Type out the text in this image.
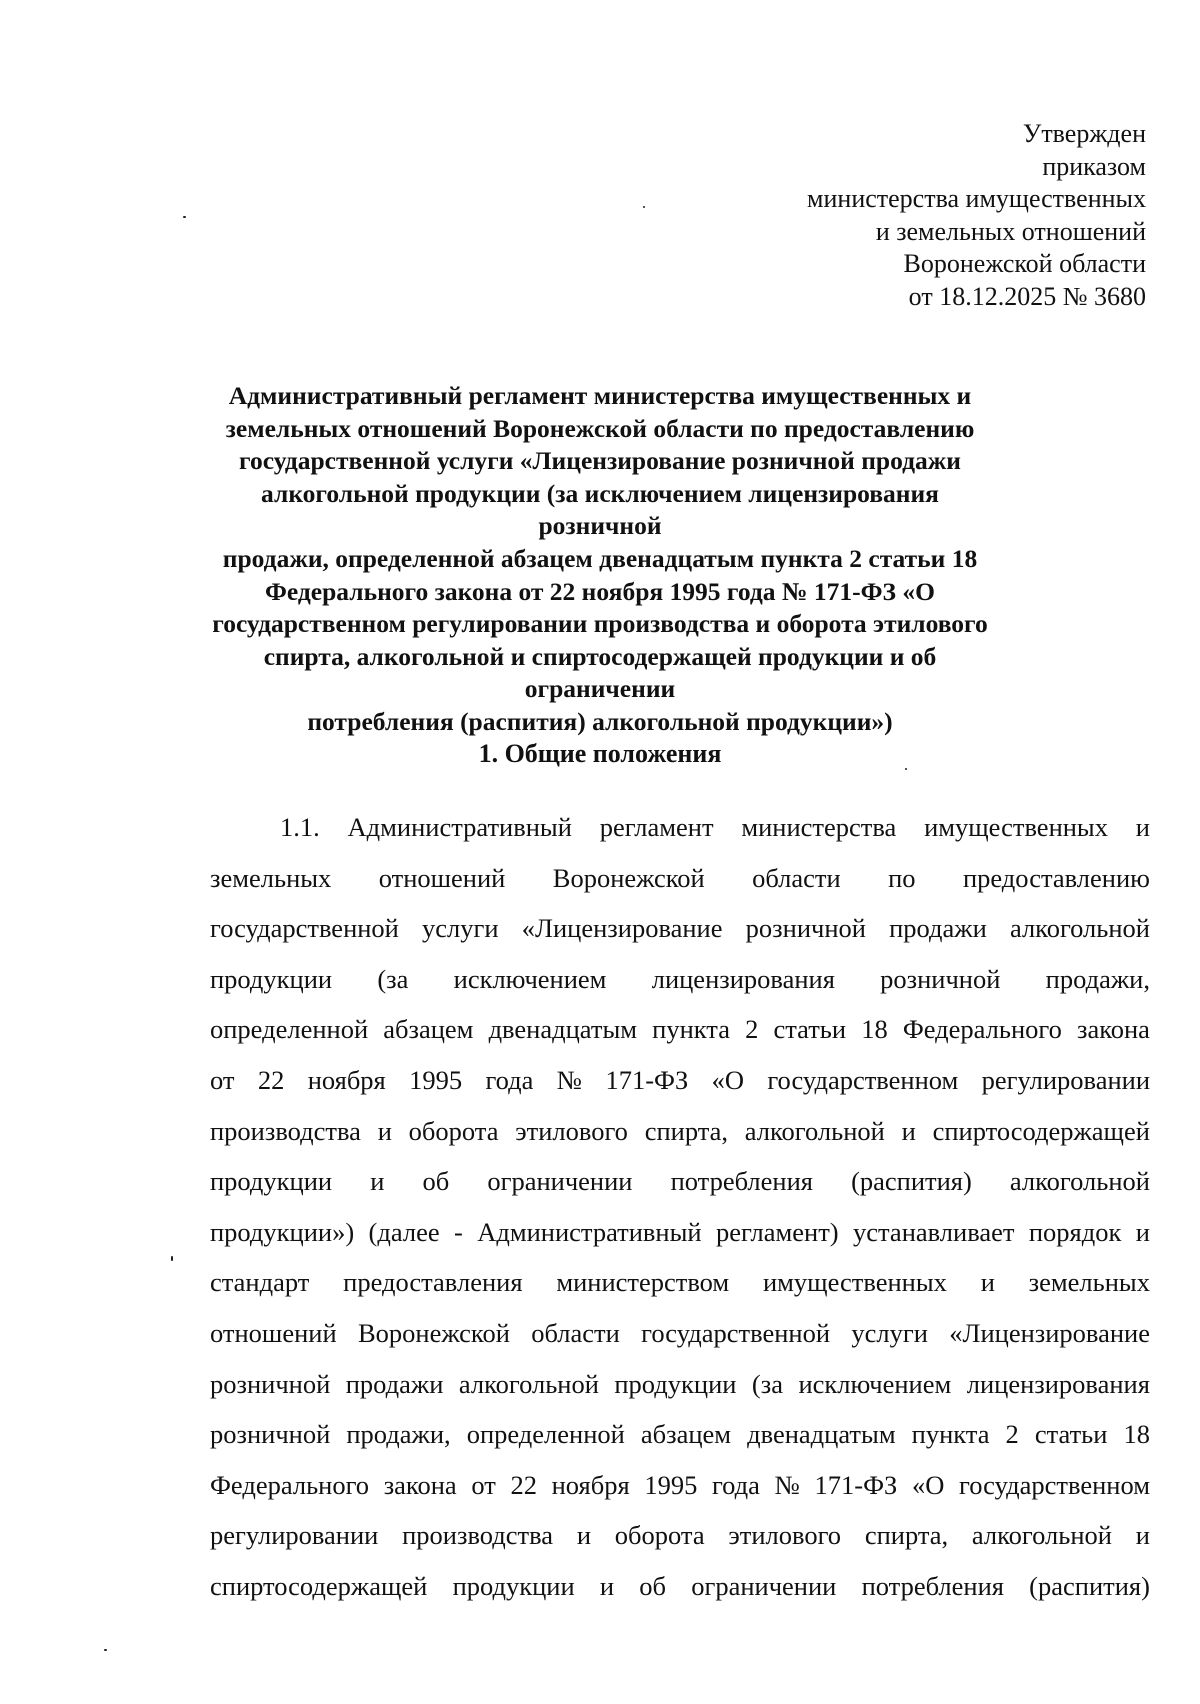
Утвержден
приказом
министерства имущественных
и земельных отношений
Воронежской области
от 18.12.2025 № 3680
Административный регламент министерства имущественных и
земельных отношений Воронежской области по предоставлению
государственной услуги «Лицензирование розничной продажи
алкогольной продукции (за исключением лицензирования розничной
продажи, определенной абзацем двенадцатым пункта 2 статьи 18
Федерального закона от 22 ноября 1995 года № 171-ФЗ «О
государственном регулировании производства и оборота этилового
спирта, алкогольной и спиртосодержащей продукции и об ограничении
потребления (распития) алкогольной продукции»)
1. Общие положения
1.1. Административный регламент министерства имущественных и
земельных отношений Воронежской области по предоставлению
государственной услуги «Лицензирование розничной продажи алкогольной
продукции (за исключением лицензирования розничной продажи,
определенной абзацем двенадцатым пункта 2 статьи 18 Федерального закона
от 22 ноября 1995 года № 171-ФЗ «О государственном регулировании
производства и оборота этилового спирта, алкогольной и спиртосодержащей
продукции и об ограничении потребления (распития) алкогольной
продукции») (далее - Административный регламент) устанавливает порядок и
стандарт предоставления министерством имущественных и земельных
отношений Воронежской области государственной услуги «Лицензирование
розничной продажи алкогольной продукции (за исключением лицензирования
розничной продажи, определенной абзацем двенадцатым пункта 2 статьи 18
Федерального закона от 22 ноября 1995 года № 171-ФЗ «О государственном
регулировании производства и оборота этилового спирта, алкогольной и
спиртосодержащей продукции и об ограничении потребления (распития)
